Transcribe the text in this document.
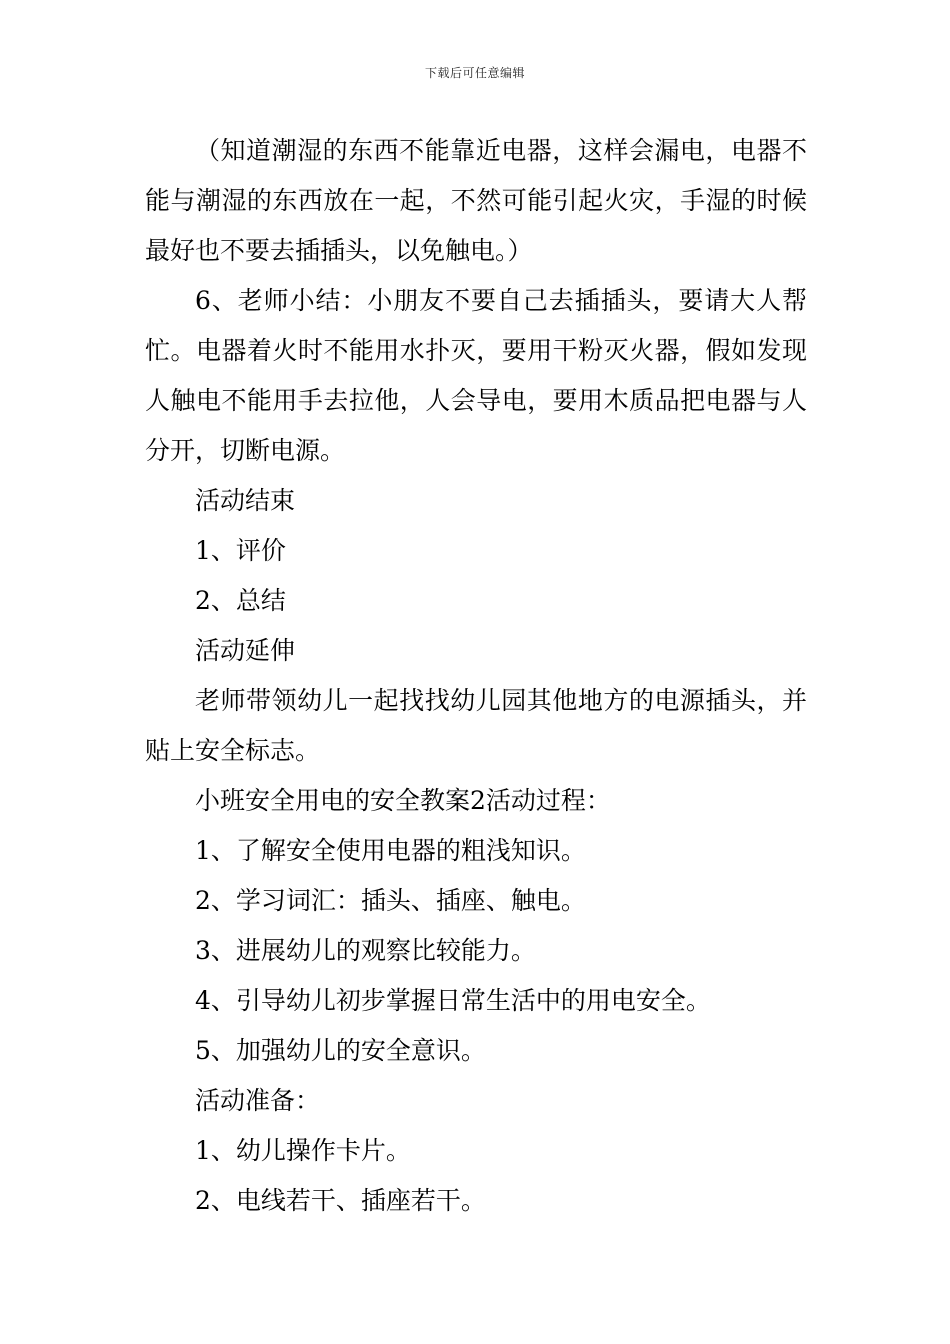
下载后可任意编辑

（知道潮湿的东西不能靠近电器，这样会漏电，电器不能与潮湿的东西放在一起，不然可能引起火灾，手湿的时候最好也不要去插插头，以免触电。）

6、老师小结：小朋友不要自己去插插头，要请大人帮忙。电器着火时不能用水扑灭，要用干粉灭火器，假如发现人触电不能用手去拉他，人会导电，要用木质品把电器与人分开，切断电源。

活动结束

1、评价

2、总结

活动延伸

老师带领幼儿一起找找幼儿园其他地方的电源插头，并贴上安全标志。

小班安全用电的安全教案2活动过程：

1、了解安全使用电器的粗浅知识。

2、学习词汇：插头、插座、触电。

3、进展幼儿的观察比较能力。

4、引导幼儿初步掌握日常生活中的用电安全。

5、加强幼儿的安全意识。

活动准备：

1、幼儿操作卡片。

2、电线若干、插座若干。
